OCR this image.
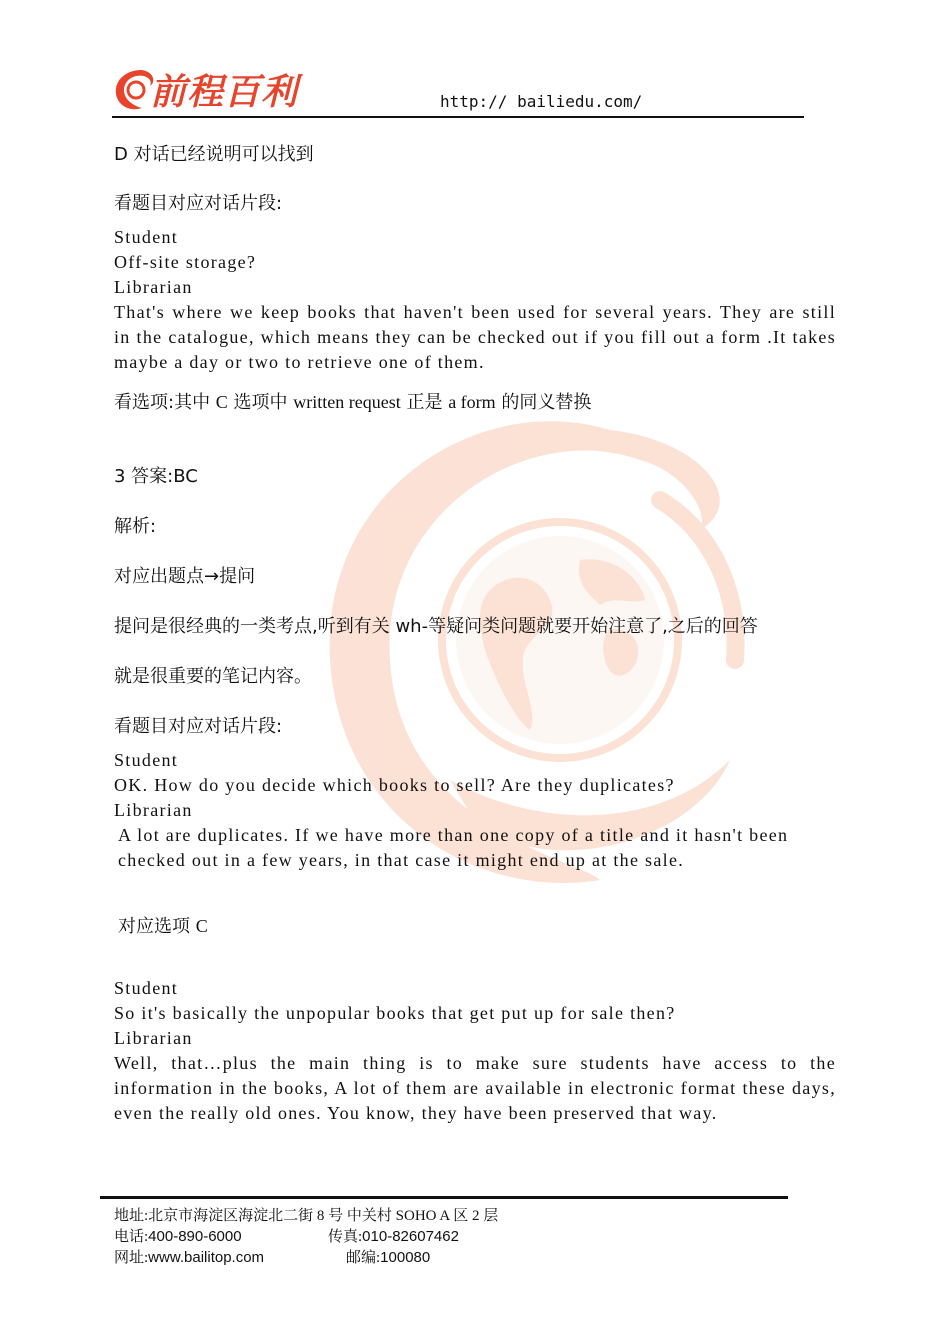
前程百利	http:// bailiedu.com/
D 对话已经说明可以找到
看题目对应对话片段:

Student

Off-site storage?

Librarian

That's where we keep books that haven't been used for several years. They are still in the catalogue, which means they can be checked out if you fill out a form .It takes maybe a day or two to retrieve one of them.

看选项:其中 C 选项中 written request 正是 a form 的同义替换
3 答案:BC
解析:
对应出题点→提问
提问是很经典的一类考点,听到有关 wh-等疑问类问题就要开始注意了,之后的回答
就是很重要的笔记内容。
看题目对应对话片段:

Student

OK. How do you decide which books to sell? Are they duplicates?

Librarian

A lot are duplicates. If we have more than one copy of a title and it hasn't been checked out in a few years, in that case it might end up at the sale.

对应选项 C

Student

So it's basically the unpopular books that get put up for sale then?

Librarian

Well, that…plus the main thing is to make sure students have access to the information in the books, A lot of them are available in electronic format these days, even the really old ones. You know, they have been preserved that way.

地址:北京市海淀区海淀北二街 8 号 中关村 SOHO A 区 2 层
电话:400-890-6000	传真:010-82607462
网址:www.bailitop.com	邮编:100080
